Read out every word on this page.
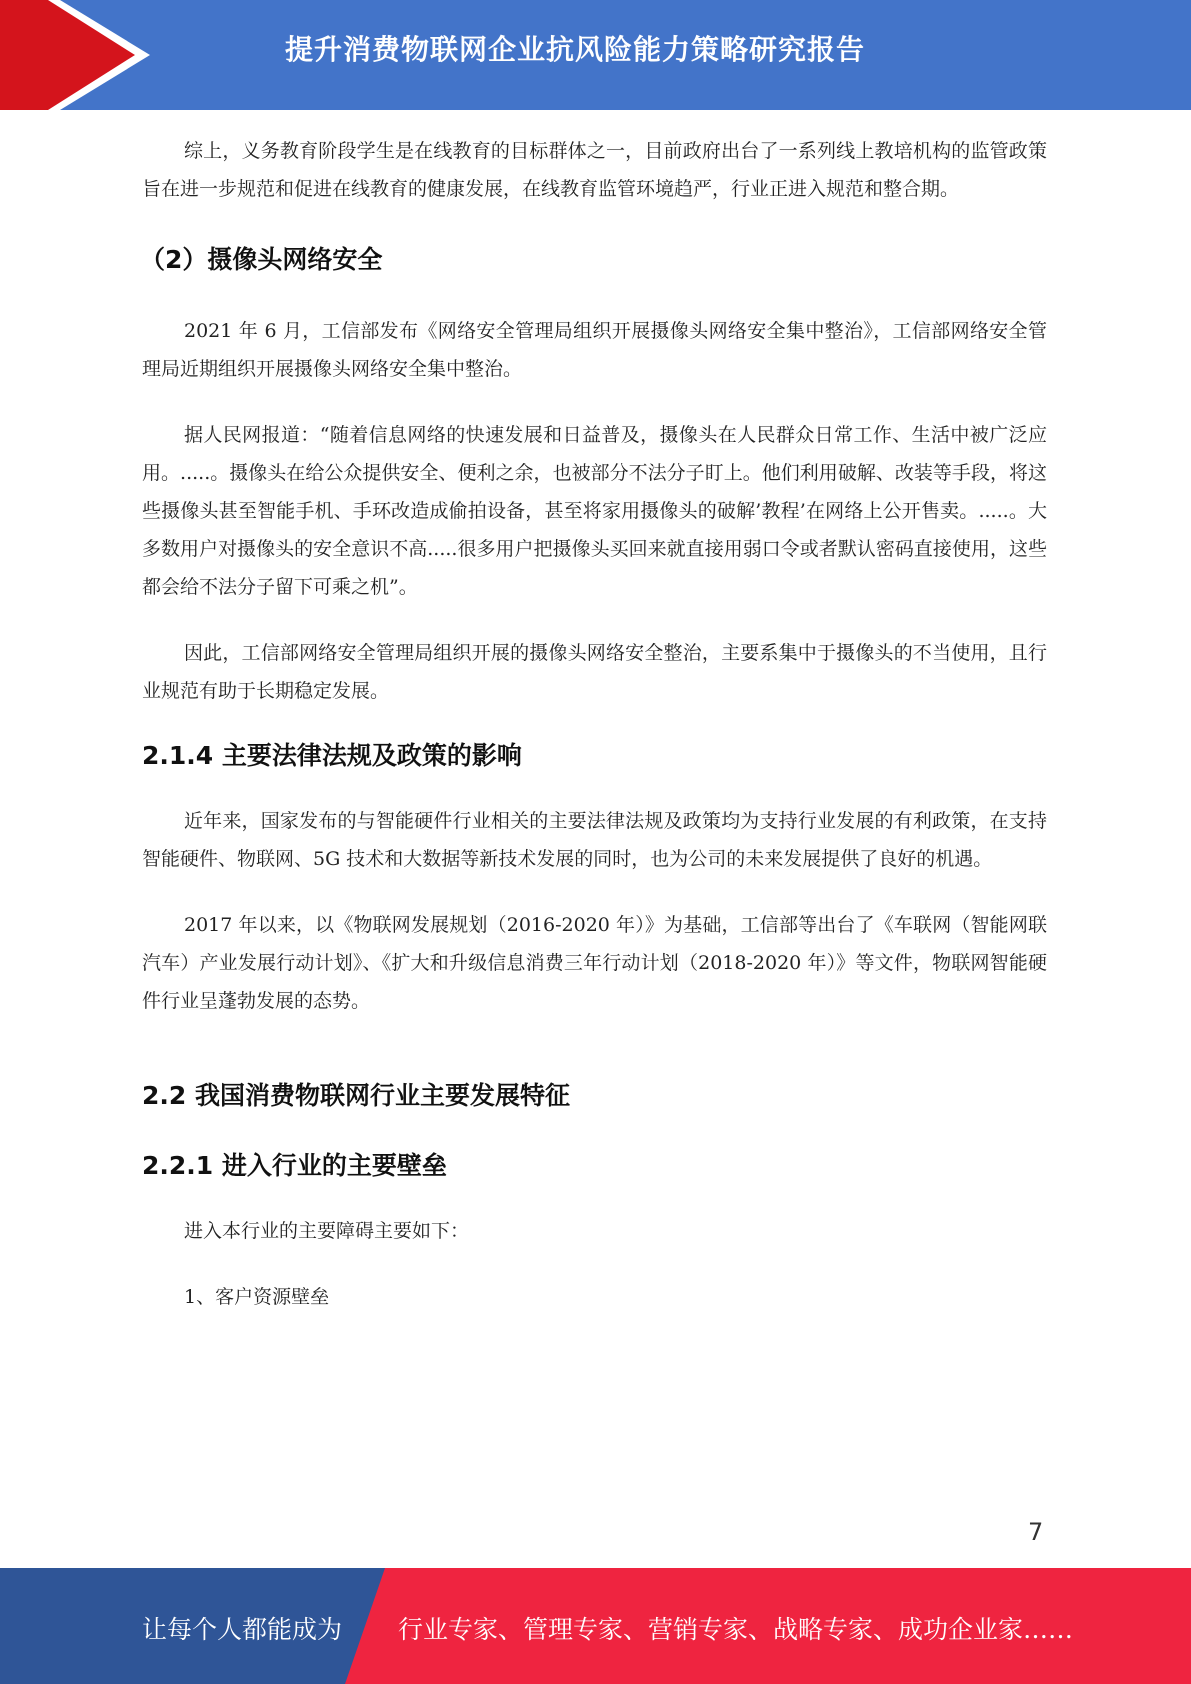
提升消费物联网企业抗风险能力策略研究报告

综上，义务教育阶段学生是在线教育的目标群体之一，目前政府出台了一系列线上教培机构的监管政策旨在进一步规范和促进在线教育的健康发展，在线教育监管环境趋严，行业正进入规范和整合期。

（2）摄像头网络安全

2021 年 6 月，工信部发布《网络安全管理局组织开展摄像头网络安全集中整治》，工信部网络安全管理局近期组织开展摄像头网络安全集中整治。

据人民网报道：“随着信息网络的快速发展和日益普及，摄像头在人民群众日常工作、生活中被广泛应用。.....。摄像头在给公众提供安全、便利之余，也被部分不法分子盯上。他们利用破解、改装等手段，将这些摄像头甚至智能手机、手环改造成偷拍设备，甚至将家用摄像头的破解’教程’在网络上公开售卖。.....。大多数用户对摄像头的安全意识不高.....很多用户把摄像头买回来就直接用弱口令或者默认密码直接使用，这些都会给不法分子留下可乘之机”。

因此，工信部网络安全管理局组织开展的摄像头网络安全整治，主要系集中于摄像头的不当使用，且行业规范有助于长期稳定发展。

2.1.4 主要法律法规及政策的影响

近年来，国家发布的与智能硬件行业相关的主要法律法规及政策均为支持行业发展的有利政策，在支持智能硬件、物联网、5G 技术和大数据等新技术发展的同时，也为公司的未来发展提供了良好的机遇。

2017 年以来，以《物联网发展规划（2016-2020 年）》为基础，工信部等出台了《车联网（智能网联汽车）产业发展行动计划》、《扩大和升级信息消费三年行动计划（2018-2020 年）》等文件，物联网智能硬件行业呈蓬勃发展的态势。

2.2 我国消费物联网行业主要发展特征
2.2.1 进入行业的主要壁垒

进入本行业的主要障碍主要如下：

1、客户资源壁垒

7
让每个人都能成为 行业专家、管理专家、营销专家、战略专家、成功企业家……
